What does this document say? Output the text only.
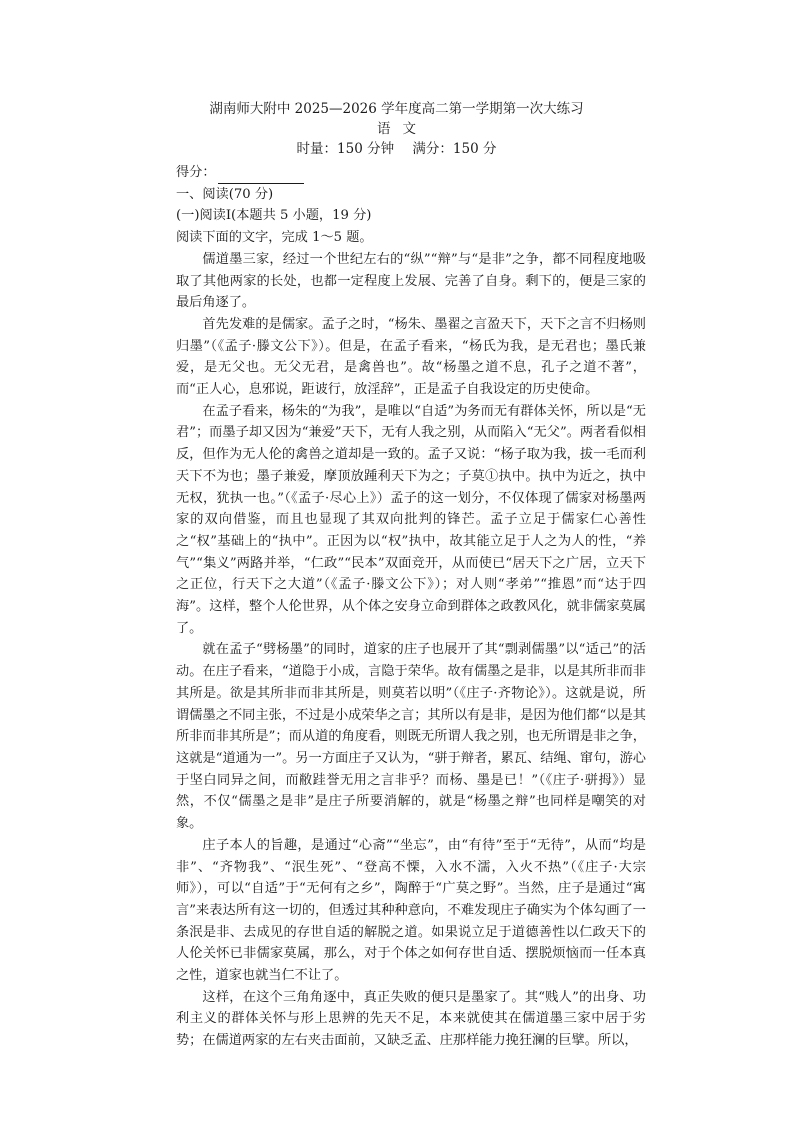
湖南师大附中 2025—2026 学年度高二第一学期第一次大练习

语文

时量：150 分钟 满分：150 分

得分：

一、阅读(70 分)

(一)阅读Ⅰ(本题共 5 小题，19 分)

阅读下面的文字，完成 1～5 题。

儒道墨三家，经过一个世纪左右的“纵”“辩”与“是非”之争，都不同程度地吸取了其他两家的长处，也都一定程度上发展、完善了自身。剩下的，便是三家的最后角逐了。

首先发难的是儒家。孟子之时，“杨朱、墨翟之言盈天下，天下之言不归杨则归墨”（《孟子·滕文公下》）。但是，在孟子看来，“杨氏为我，是无君也；墨氏兼爱，是无父也。无父无君，是禽兽也”。故“杨墨之道不息，孔子之道不著”，而“正人心，息邪说，距诐行，放淫辞”，正是孟子自我设定的历史使命。

在孟子看来，杨朱的“为我”，是唯以“自适”为务而无有群体关怀，所以是“无君”；而墨子却又因为“兼爱”天下，无有人我之别，从而陷入“无父”。两者看似相反，但作为无人伦的禽兽之道却是一致的。孟子又说：“杨子取为我，拔一毛而利天下不为也；墨子兼爱，摩顶放踵利天下为之；子莫①执中。执中为近之，执中无权，犹执一也。”（《孟子·尽心上》）孟子的这一划分，不仅体现了儒家对杨墨两家的双向借鉴，而且也显现了其双向批判的锋芒。孟子立足于儒家仁心善性之“权”基础上的“执中”。正因为以“权”执中，故其能立足于人之为人的性，“养气”“集义”两路并举，“仁政”“民本”双面竞开，从而使已“居天下之广居，立天下之正位，行天下之大道”（《孟子·滕文公下》）；对人则“孝弟”“推恩”而“达于四海”。这样，整个人伦世界，从个体之安身立命到群体之政教风化，就非儒家莫属了。

就在孟子“劈杨墨”的同时，道家的庄子也展开了其“剽剥儒墨”以“适己”的活动。在庄子看来，“道隐于小成，言隐于荣华。故有儒墨之是非，以是其所非而非其所是。欲是其所非而非其所是，则莫若以明”（《庄子·齐物论》）。这就是说，所谓儒墨之不同主张，不过是小成荣华之言；其所以有是非，是因为他们都“以是其所非而非其所是”；而从道的角度看，则既无所谓人我之别，也无所谓是非之争，这就是“道通为一”。另一方面庄子又认为，“骈于辩者，累瓦、结绳、窜句，游心于坚白同异之间，而敝跬誉无用之言非乎？而杨、墨是已！”（《庄子·骈拇》）显然，不仅“儒墨之是非”是庄子所要消解的，就是“杨墨之辩”也同样是嘲笑的对象。

庄子本人的旨趣，是通过“心斋”“坐忘”，由“有待”至于“无待”，从而“均是非”、“齐物我”、“泯生死”、“登高不慄，入水不濡，入火不热”（《庄子·大宗师》），可以“自适”于“无何有之乡”，陶醉于“广莫之野”。当然，庄子是通过“寓言”来表达所有这一切的，但透过其种种意向，不难发现庄子确实为个体勾画了一条泯是非、去成见的存世自适的解脱之道。如果说立足于道德善性以仁政天下的人伦关怀已非儒家莫属，那么，对于个体之如何存世自适、摆脱烦恼而一任本真之性，道家也就当仁不让了。

这样，在这个三角角逐中，真正失败的便只是墨家了。其“贱人”的出身、功利主义的群体关怀与形上思辨的先天不足，本来就使其在儒道墨三家中居于劣势；在儒道两家的左右夹击面前，又缺乏孟、庄那样能力挽狂澜的巨擘。所以，
